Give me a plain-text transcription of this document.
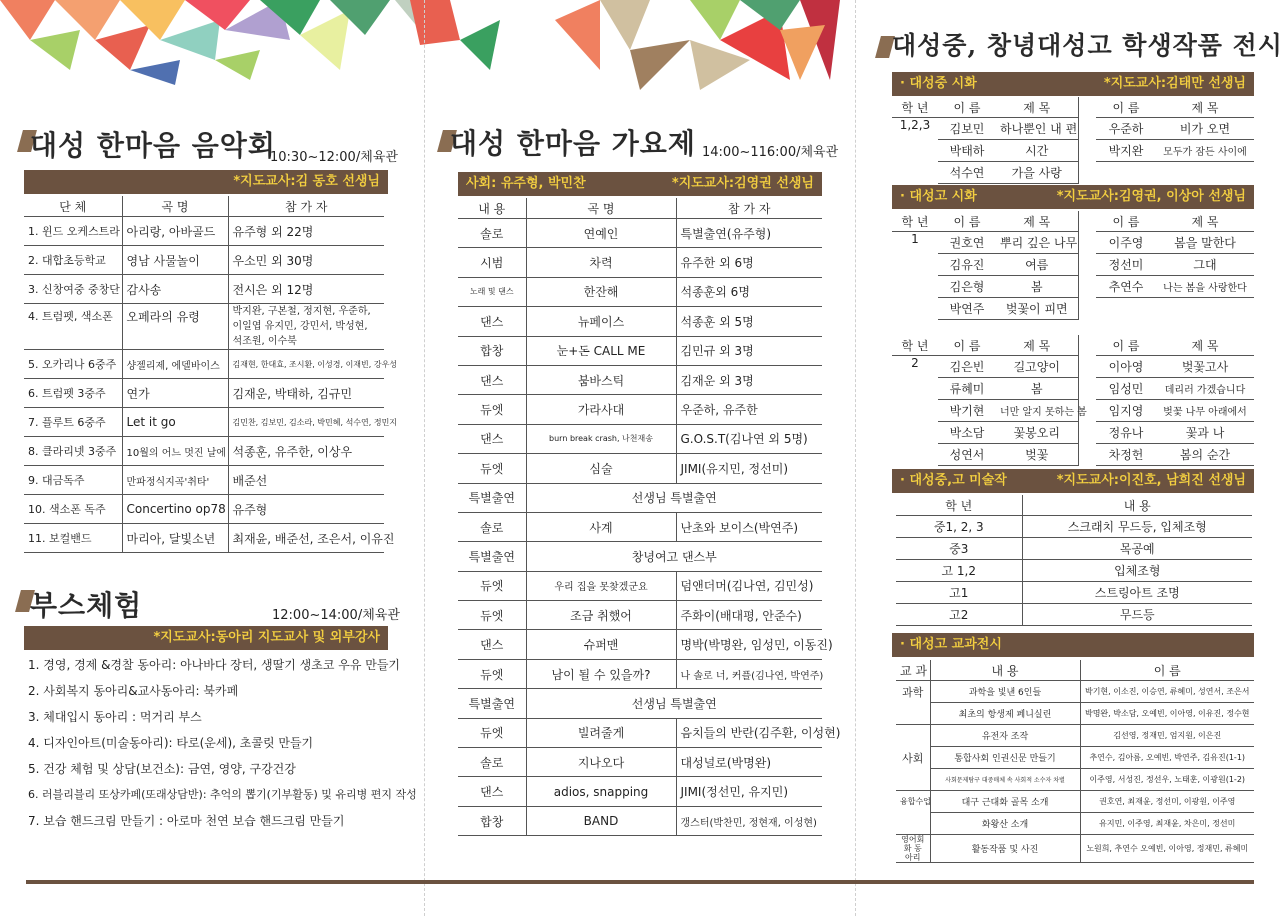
대성 한마음 음악회
10:30~12:00/체육관
*지도교사:김 동호 선생님
단 체	곡 명	참 가 자
1. 윈드 오케스트라	아리랑, 아바골드	유주형 외 22명
2. 대합초등학교	영남 사물놀이	우소민 외 30명
3. 신창여중 중창단	감사송	전시은 외 12명
4. 트럼펫, 색소폰	오페라의 유령	박지완, 구본철, 정지현, 우준하, 이일엽 유지민, 강민서, 박성현, 석조원, 이수북
5. 오카리나 6중주	샹젤리제, 에델바이스	김재현, 한대효, 조시환, 이성경, 이재빈, 강우성
6. 트럼펫 3중주	연가	김재운, 박태하, 김규민
7. 플루트 6중주	Let it go	김민찬, 김보민, 김소라, 박민혜, 석수연, 정민지
8. 클라리넷 3중주	10월의 어느 멋진 날에	석종훈, 유주한, 이상우
9. 대금독주	만파정식지곡'취타'	배준선
10. 색소폰 독주	Concertino op78	유주형
11. 보컬밴드	마리아, 달빛소년	최재윤, 배준선, 조은서, 이유진
부스체험	12:00~14:00/체육관
*지도교사:동아리 지도교사 및 외부강사
1. 경영, 경제 &경찰 동아리: 아나바다 장터, 생딸기 생초코 우유 만들기
2. 사회복지 동아리&교사동아리: 북카페
3. 체대입시 동아리 : 먹거리 부스
4. 디자인아트(미술동아리): 타로(운세), 초콜릿 만들기
5. 건강 체험 및 상담(보건소): 금연, 영양, 구강건강
6. 러블리블리 또상카페(또래상담반): 추억의 뽑기(기부활동) 및 유리병 편지 작성
7. 보습 핸드크림 만들기 : 아로마 천연 보습 핸드크림 만들기
대성 한마음 가요제 14:00~116:00/체육관
사회: 유주형, 박민찬	*지도교사:김영권 선생님
내 용	곡 명	참 가 자
솔로	연예인	특별출연(유주형)
시범	차력	유주한 외 6명
노래 및 댄스	한잔해	석종훈외 6명
댄스	뉴페이스	석종훈 외 5명
합창	눈+돈 CALL ME	김민규 외 3명
댄스	붐바스틱	김재운 외 3명
듀엣	가라사대	우준하, 유주한
댄스	burn break crash, 나천재송	G.O.S.T(김나연 외 5명)
듀엣	심술	JIMI(유지민, 정선미)
특별출연	선생님 특별출연	
솔로	사계	난초와 보이스(박연주)
특별출연	창녕여고 댄스부	
듀엣	우리 집을 못찾겠군요	덤앤더머(김나연, 김민성)
듀엣	조금 취했어	주화이(배대평, 안준수)
댄스	슈퍼맨	명박(박명완, 임성민, 이동진)
듀엣	남이 될 수 있을까?	나 솔로 너, 커플(김나연, 박연주)
특별출연	선생님 특별출연	
듀엣	빌려줄게	음치들의 반란(김주환, 이성현)
솔로	지나오다	대성널로(박명완)
댄스	adios, snapping	JIMI(정선민, 유지민)
합창	BAND	갱스터(박찬민, 정현재, 이성현)
대성중, 창녕대성고 학생작품 전시
· 대성중 시화	*지도교사:김태만 선생님
학 년	이 름	제 목		이 름	제 목
1,2,3	김보민	하나뿐인 내 편		우준하	비가 오면
	박태하	시간		박지완	모두가 잠든 사이에
	석수연	가을 사랑			
· 대성고 시화	*지도교사:김영권, 이상아 선생님
학 년	이 름	제 목		이 름	제 목
1	권호연	뿌리 깊은 나무		이주영	봄을 말한다
	김유진	여름		정선미	그대
	김은형	봄		추연수	나는 봄을 사랑한다
	박연주	벚꽃이 피면			
학 년	이 름	제 목		이 름	제 목
2	김은빈	길고양이		이아영	벚꽃고사
	류혜미	봄		임성민	데리러 가겠습니다
	박기현	너만 알지 못하는 봄		임지영	벚꽃 나무 아래에서
	박소담	꽃봉오리		정유나	꽃과 나
	성연서	벚꽃		차정헌	봄의 순간
· 대성중,고 미술작	*지도교사:이진호, 남희진 선생님
학 년	내 용
중1, 2, 3	스크래치 무드등, 입체조형
중3	목공예
고 1,2	입체조형
고1	스트링아트 조명
고2	무드등
· 대성고 교과전시
교 과	내 용	이 름
과학	과학을 빛낸 6인들	박기현, 이소진, 이승연, 류혜미, 성연서, 조은서
	최초의 항생제 페니실린	박명완, 박소담, 오예빈, 이아영, 이유진, 정수현
	유전자 조작	김선영, 정재민, 엄지원, 이은진
사회	통합사회 인권신문 만들기	추연수, 김아름, 오예빈, 박연주, 김유진(1-1)
	사회문제탐구 대중매체 속 사회적 소수자 차별	이주영, 서성진, 정선우, 노태훈, 이광원(1-2)
융합수업	대구 근대화 골목 소개	권호연, 최재윤, 정선미, 이광원, 이주영
	화왕산 소개	유지민, 이주영, 최재윤, 차은미, 정선미
영어회화 동아리	활동작품 및 사진	노원희, 추연수 오예빈, 이아영, 정재민, 류혜미
